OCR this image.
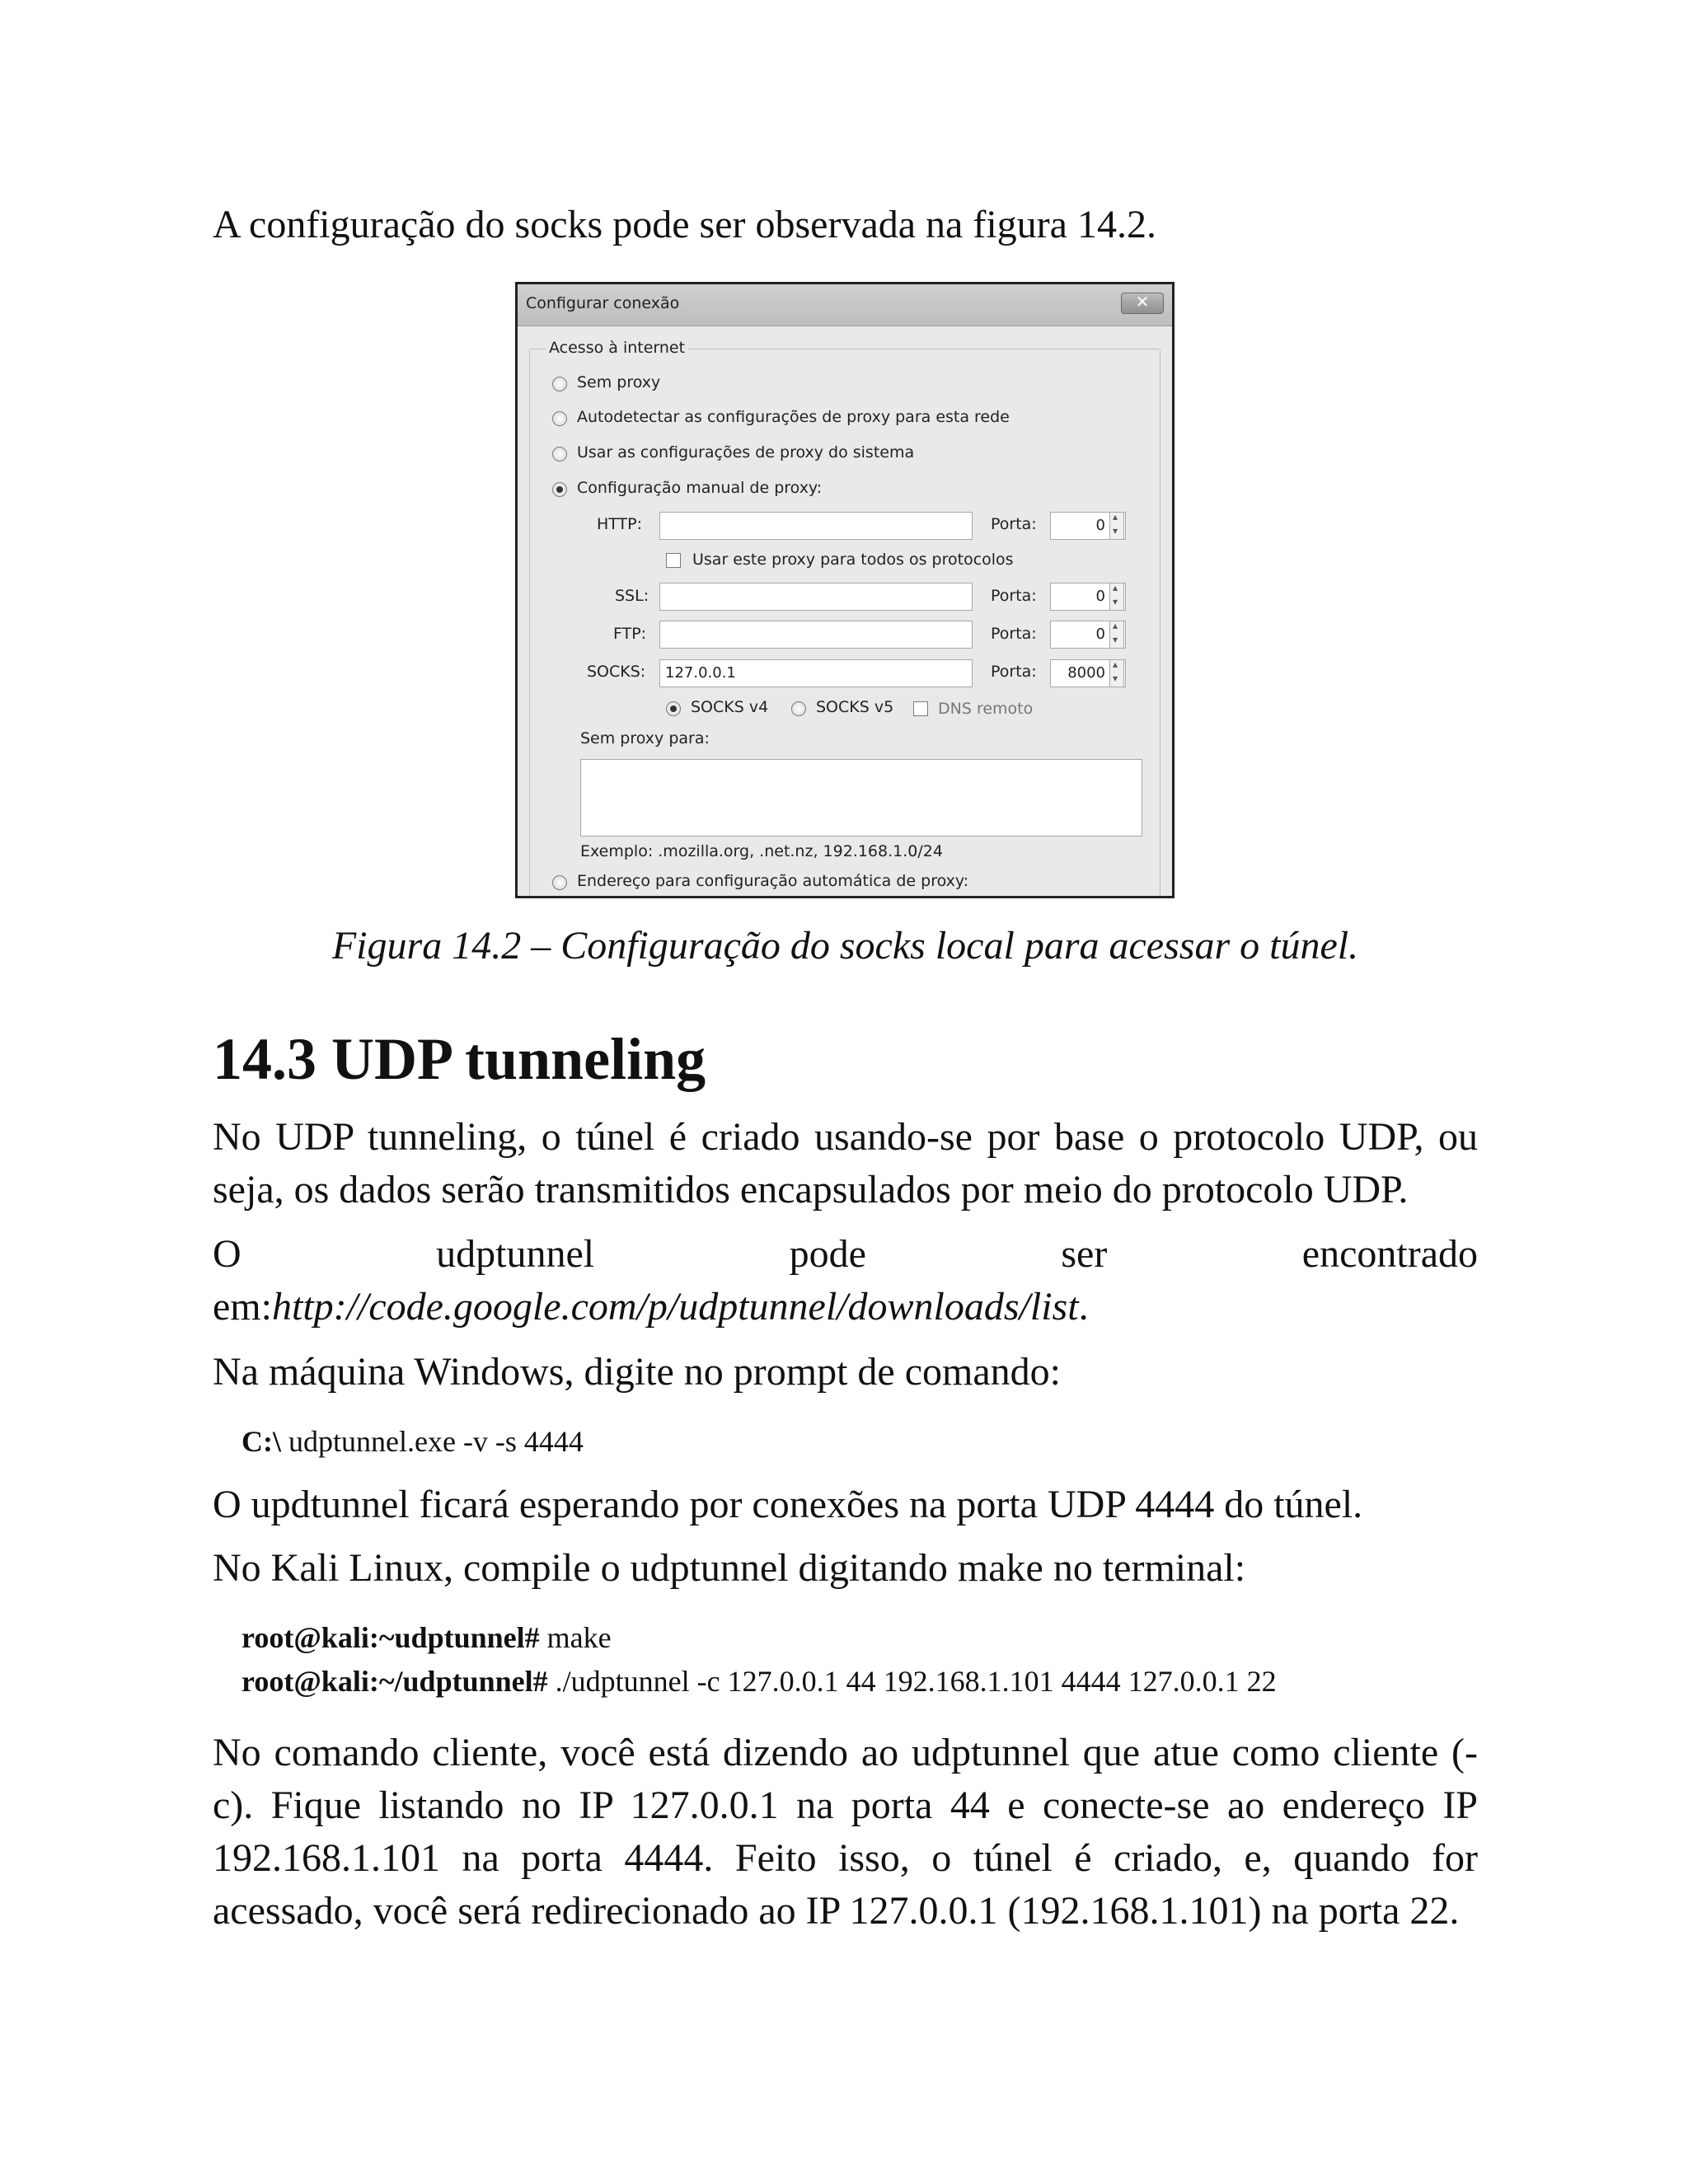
A configuração do socks pode ser observada na figura 14.2.

Configurar conexão	✕
Acesso à internet
Sem proxy
Autodetectar as configurações de proxy para esta rede
Usar as configurações de proxy do sistema
Configuração manual de proxy:
HTTP:	Porta:	0
▴ ▾
Usar este proxy para todos os protocolos
SSL:	Porta:	0
▴ ▾
FTP:	Porta:	0
▴ ▾
SOCKS:	127.0.0.1	Porta:	8000
▴ ▾
SOCKS v4	SOCKS v5	DNS remoto
Sem proxy para:
Exemplo: .mozilla.org, .net.nz, 192.168.1.0/24
Endereço para configuração automática de proxy:

Figura 14.2 – Configuração do socks local para acessar o túnel.

14.3 UDP tunneling

No UDP tunneling, o túnel é criado usando-se por base o protocolo UDP, ou seja, os dados serão transmitidos encapsulados por meio do protocolo UDP.

O udptunnel pode ser encontrado

em:http://code.google.com/p/udptunnel/downloads/list.

Na máquina Windows, digite no prompt de comando:

C:\ udptunnel.exe -v -s 4444

O updtunnel ficará esperando por conexões na porta UDP 4444 do túnel.

No Kali Linux, compile o udptunnel digitando make no terminal:

root@kali:~udptunnel# make

root@kali:~/udptunnel# ./udptunnel -c 127.0.0.1 44 192.168.1.101 4444 127.0.0.1 22

No comando cliente, você está dizendo ao udptunnel que atue como cliente (-c). Fique listando no IP 127.0.0.1 na porta 44 e conecte-se ao endereço IP 192.168.1.101 na porta 4444. Feito isso, o túnel é criado, e, quando for acessado, você será redirecionado ao IP 127.0.0.1 (192.168.1.101) na porta 22.
